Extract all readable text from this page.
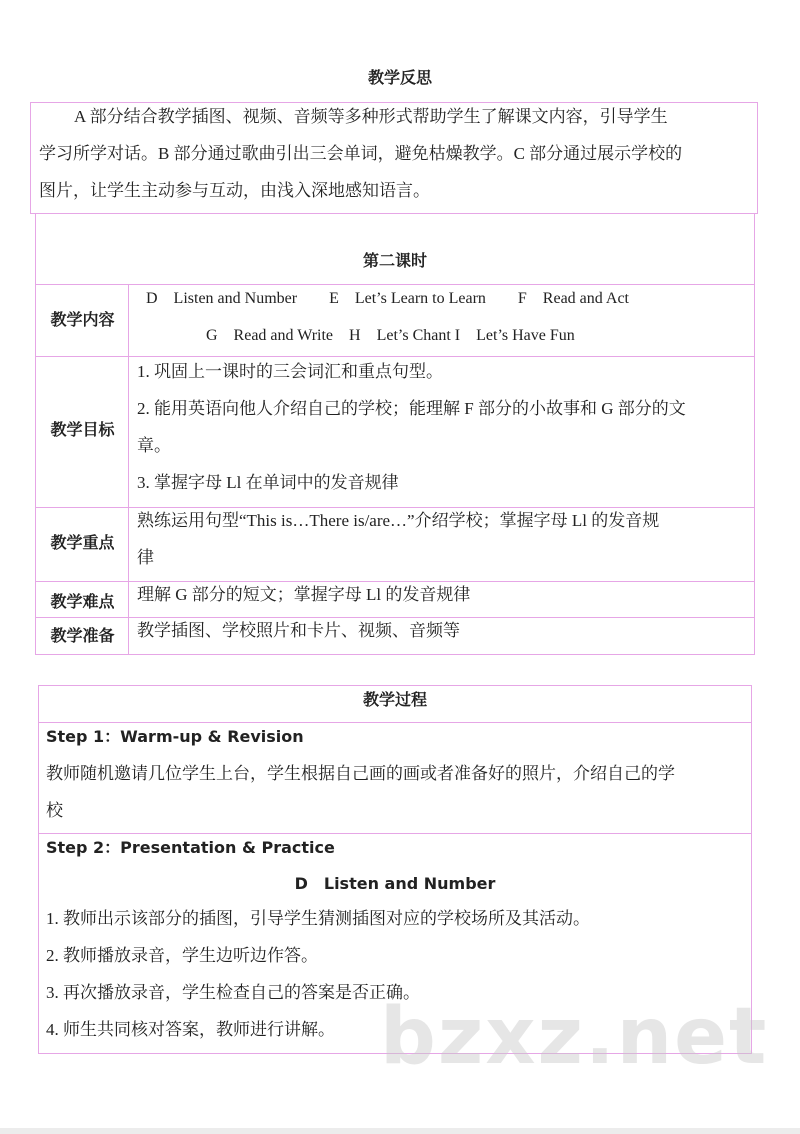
教学反思
A 部分结合教学插图、视频、音频等多种形式帮助学生了解课文内容，引导学生
学习所学对话。B 部分通过歌曲引出三会单词，避免枯燥教学。C 部分通过展示学校的
图片，让学生主动参与互动，由浅入深地感知语言。
第二课时
教学内容
D　Listen and Number　　E　Let’s Learn to Learn　　F　Read and Act
G　Read and Write　H　Let’s Chant I　Let’s Have Fun
教学目标
1. 巩固上一课时的三会词汇和重点句型。
2. 能用英语向他人介绍自己的学校；能理解 F 部分的小故事和 G 部分的文
章。
3. 掌握字母 Ll 在单词中的发音规律
教学重点
熟练运用句型“This is…There is/are…”介绍学校；掌握字母 Ll 的发音规
律
教学难点	理解 G 部分的短文；掌握字母 Ll 的发音规律
教学准备	教学插图、学校照片和卡片、视频、音频等
教学过程
Step 1：Warm-up & Revision
教师随机邀请几位学生上台，学生根据自己画的画或者准备好的照片，介绍自己的学
校
Step 2：Presentation & Practice
D　Listen and Number
1. 教师出示该部分的插图，引导学生猜测插图对应的学校场所及其活动。
2. 教师播放录音，学生边听边作答。
3. 再次播放录音，学生检查自己的答案是否正确。
4. 师生共同核对答案，教师进行讲解。 bzxz.net
